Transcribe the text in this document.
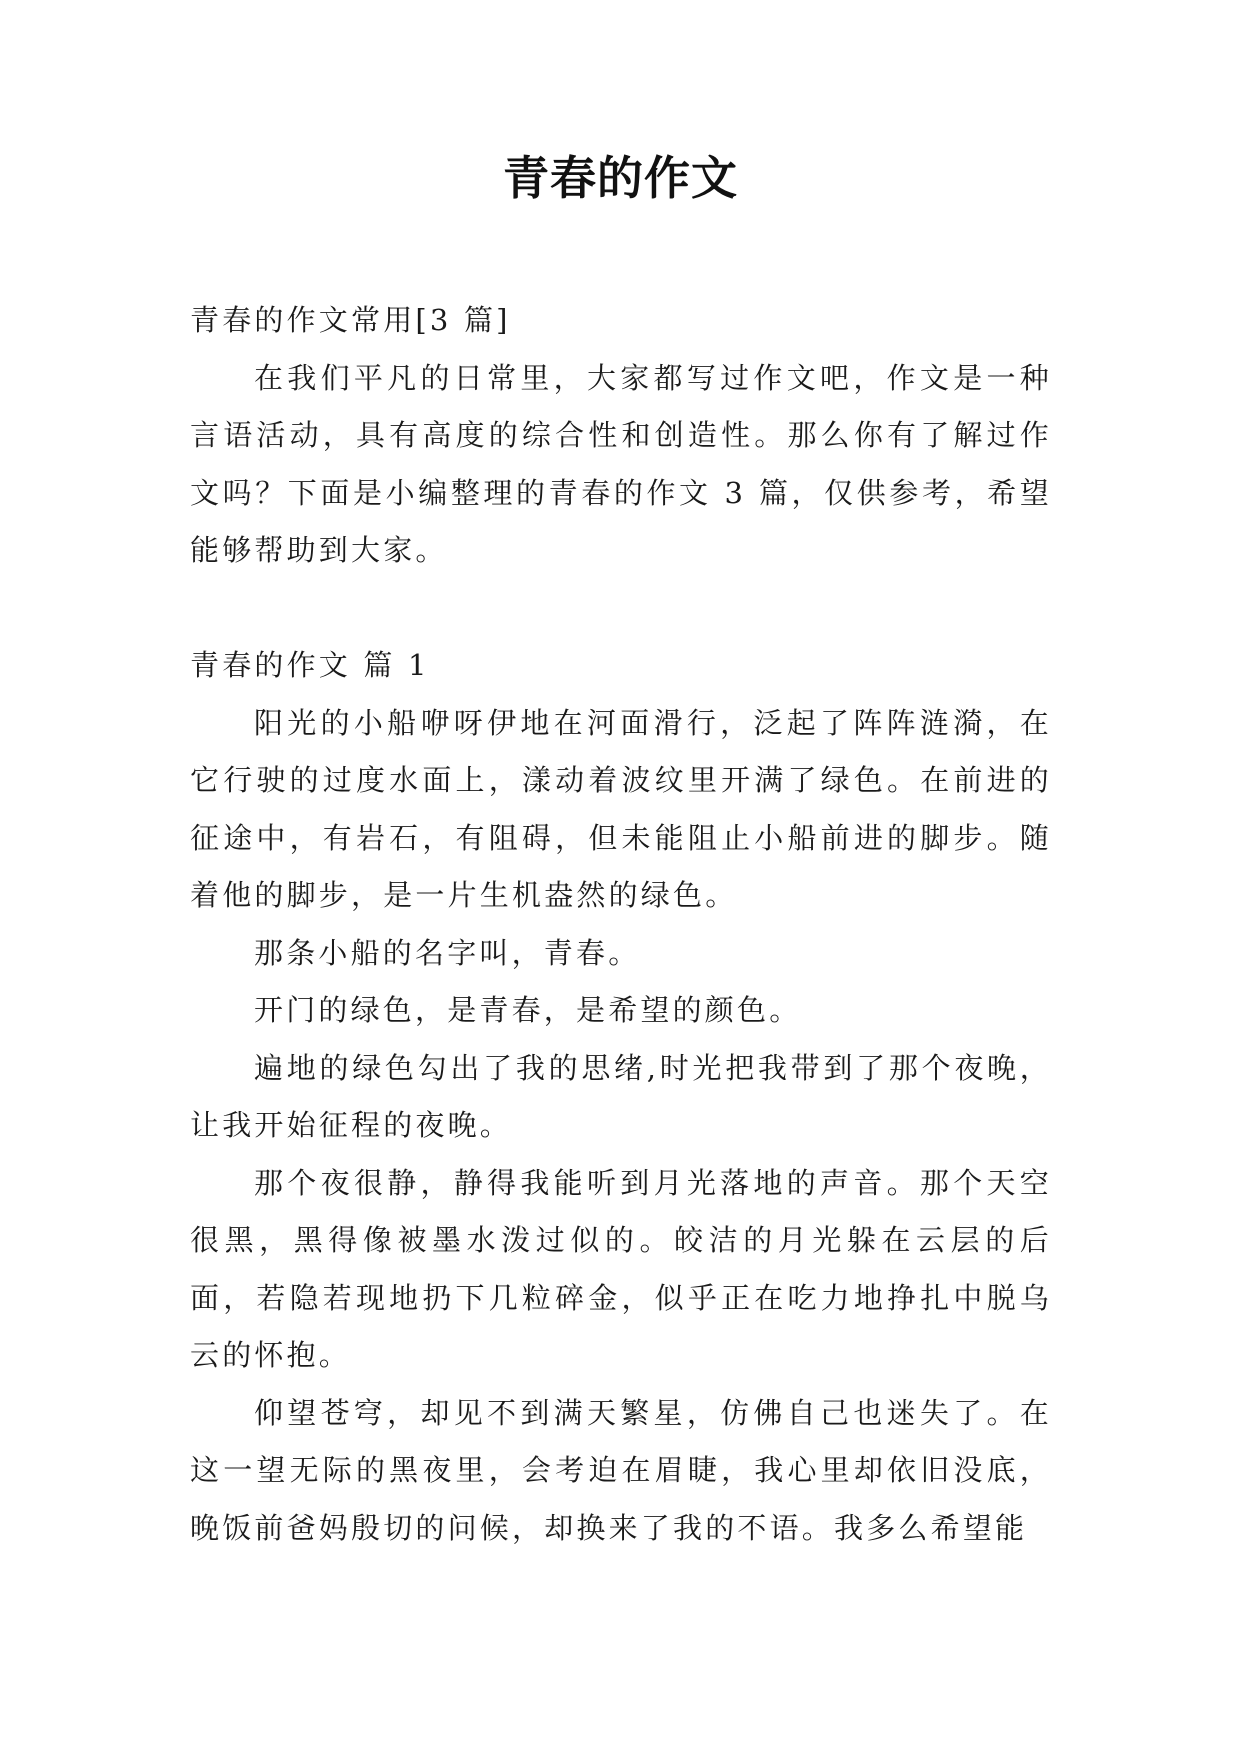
青春的作文

青春的作文常用[3 篇]

在我们平凡的日常里，大家都写过作文吧，作文是一种言语活动，具有高度的综合性和创造性。那么你有了解过作文吗？下面是小编整理的青春的作文 3 篇，仅供参考，希望能够帮助到大家。

青春的作文 篇 1

阳光的小船咿呀伊地在河面滑行，泛起了阵阵涟漪，在它行驶的过度水面上，漾动着波纹里开满了绿色。在前进的征途中，有岩石，有阻碍，但未能阻止小船前进的脚步。随着他的脚步，是一片生机盎然的绿色。

那条小船的名字叫，青春。

开门的绿色，是青春，是希望的颜色。

遍地的绿色勾出了我的思绪,时光把我带到了那个夜晚，让我开始征程的夜晚。

那个夜很静，静得我能听到月光落地的声音。那个天空很黑，黑得像被墨水泼过似的。皎洁的月光躲在云层的后面，若隐若现地扔下几粒碎金，似乎正在吃力地挣扎中脱乌云的怀抱。

仰望苍穹，却见不到满天繁星，仿佛自己也迷失了。在这一望无际的黑夜里，会考迫在眉睫，我心里却依旧没底，晚饭前爸妈殷切的问候，却换来了我的不语。我多么希望能
